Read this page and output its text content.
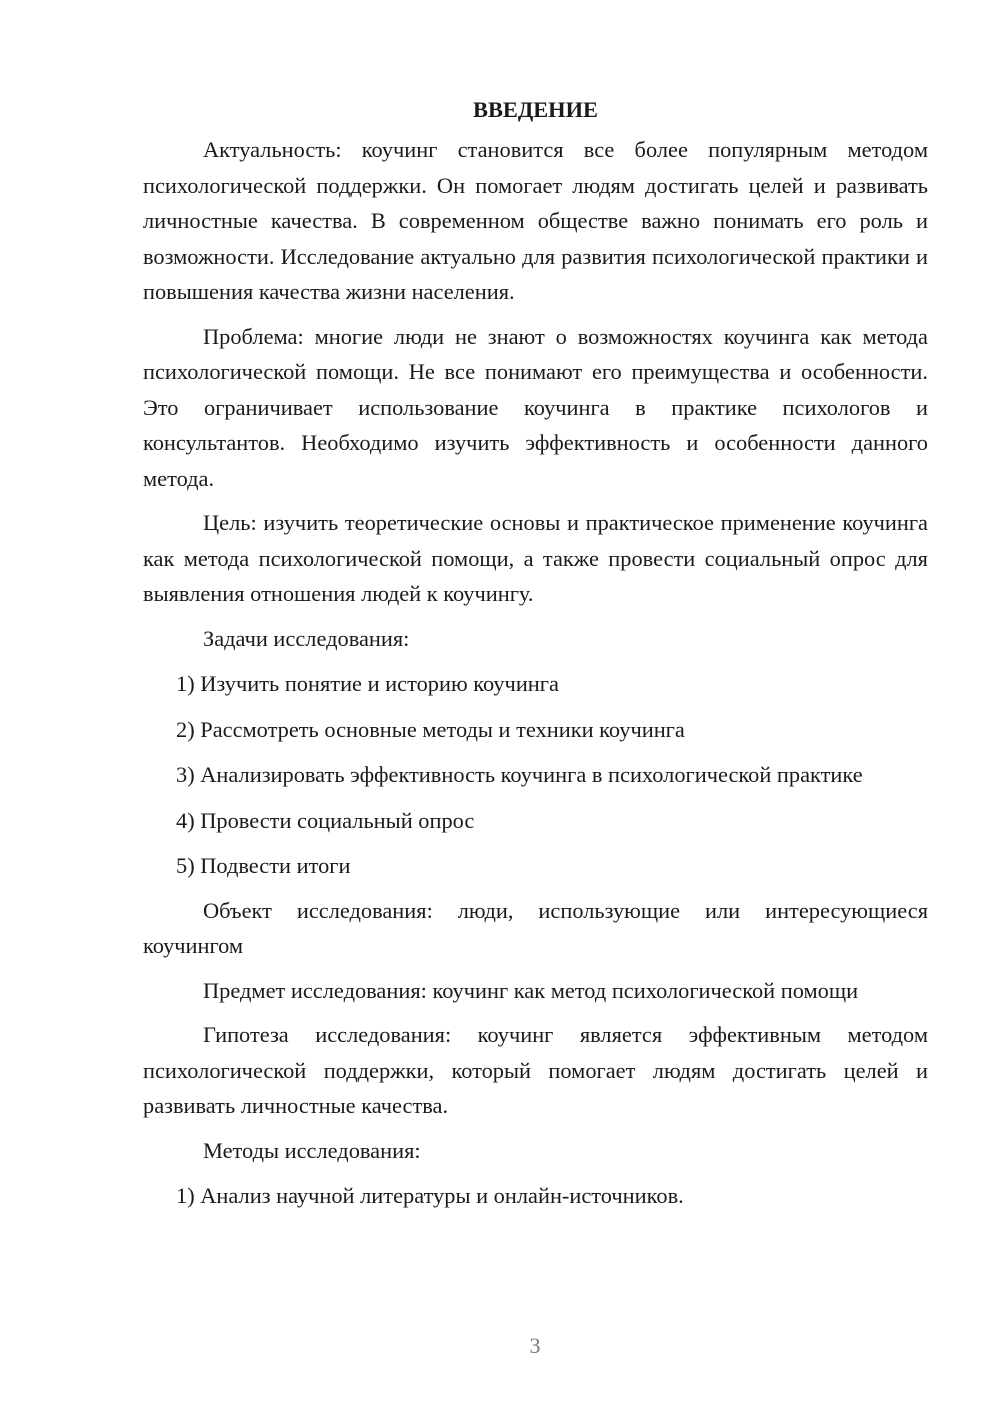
ВВЕДЕНИЕ

Актуальность: коучинг становится все более популярным методом психологической поддержки. Он помогает людям достигать целей и развивать личностные качества. В современном обществе важно понимать его роль и возможности. Исследование актуально для развития психологической практики и повышения качества жизни населения.

Проблема: многие люди не знают о возможностях коучинга как метода психологической помощи. Не все понимают его преимущества и особенности. Это ограничивает использование коучинга в практике психологов и консультантов. Необходимо изучить эффективность и особенности данного метода.

Цель: изучить теоретические основы и практическое применение коучинга как метода психологической помощи, а также провести социальный опрос для выявления отношения людей к коучингу.

Задачи исследования:

1) Изучить понятие и историю коучинга

2) Рассмотреть основные методы и техники коучинга

3) Анализировать эффективность коучинга в психологической практике

4) Провести социальный опрос

5) Подвести итоги

Объект исследования: люди, использующие или интересующиеся коучингом

Предмет исследования: коучинг как метод психологической помощи

Гипотеза исследования: коучинг является эффективным методом психологической поддержки, который помогает людям достигать целей и развивать личностные качества.

Методы исследования:

1) Анализ научной литературы и онлайн-источников.

3
